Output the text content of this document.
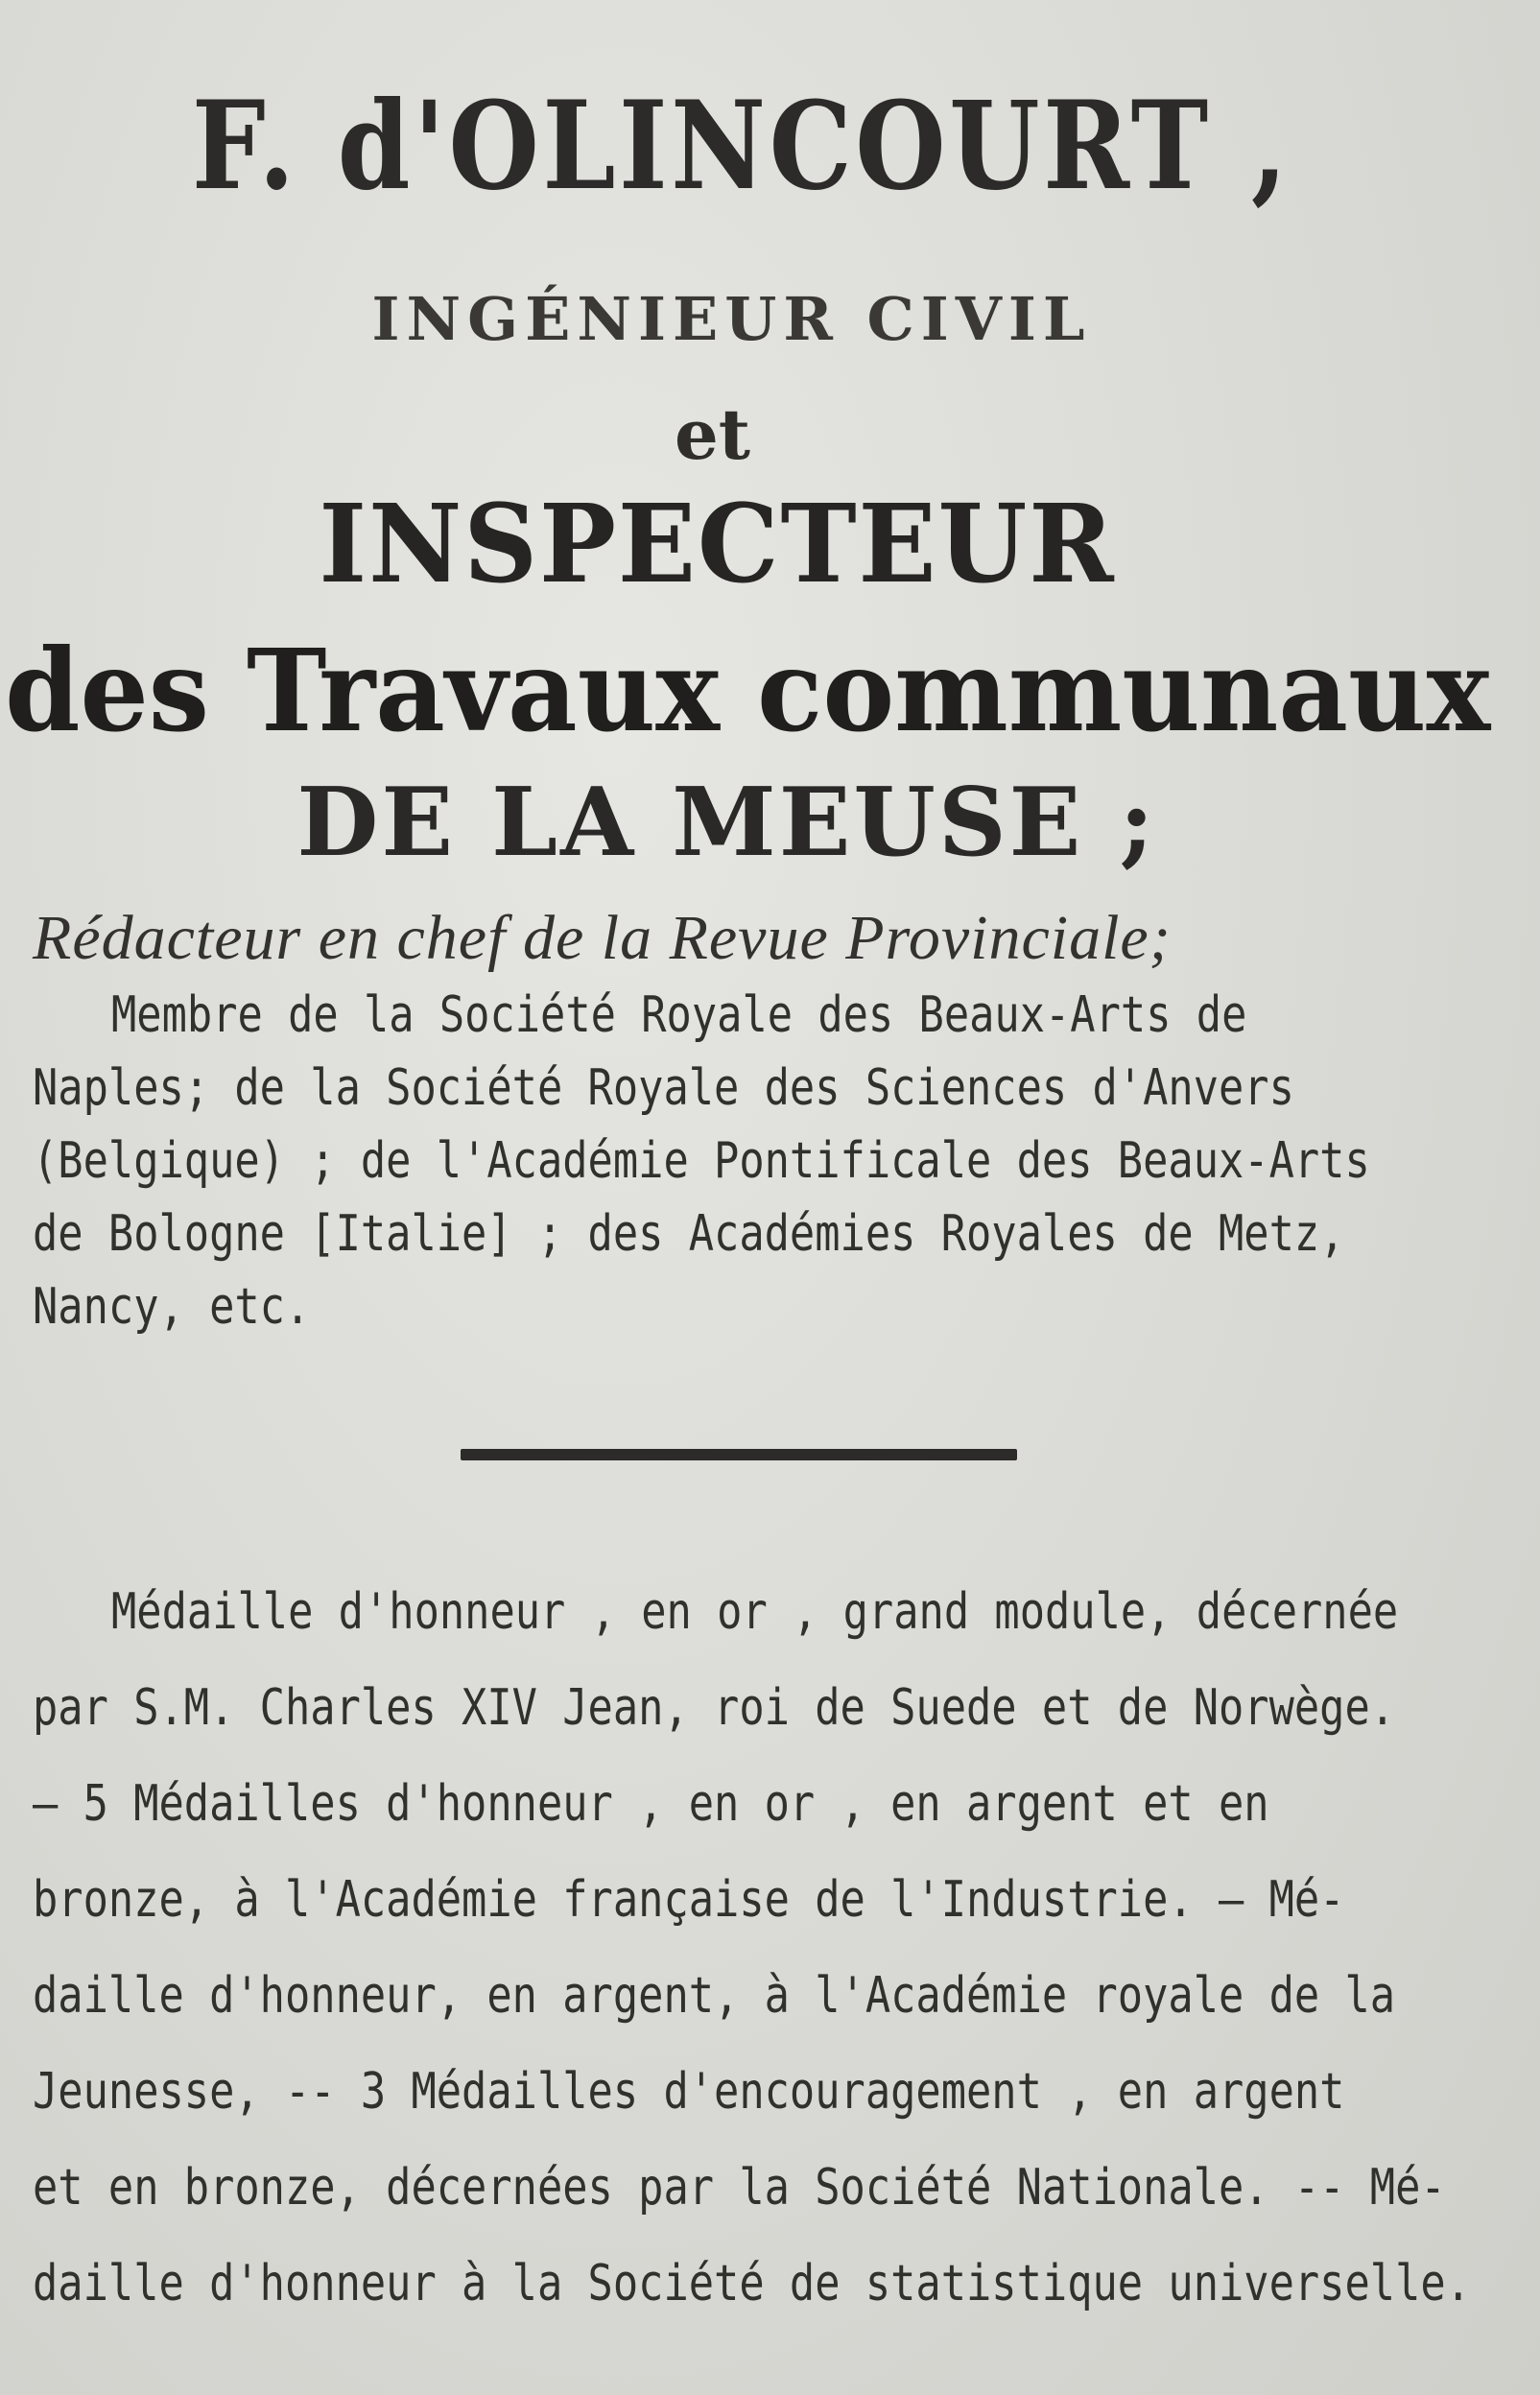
F. d'OLINCOURT ,
INGÉNIEUR CIVIL
et
INSPECTEUR
des Travaux communaux
DE LA MEUSE ;
Rédacteur en chef de la Revue Provinciale;
Membre de la Société Royale des Beaux-Arts de
Naples; de la Société Royale des Sciences d'Anvers
(Belgique) ; de l'Académie Pontificale des Beaux-Arts
de Bologne [Italie] ; des Académies Royales de Metz,
Nancy, etc.
Médaille d'honneur , en or , grand module, décernée
par S.M. Charles XIV Jean, roi de Suede et de Norwège.
— 5 Médailles d'honneur , en or , en argent et en
bronze, à l'Académie française de l'Industrie. — Mé-
daille d'honneur, en argent, à l'Académie royale de la
Jeunesse, -- 3 Médailles d'encouragement , en argent
et en bronze, décernées par la Société Nationale. -- Mé-
daille d'honneur à la Société de statistique universelle.
